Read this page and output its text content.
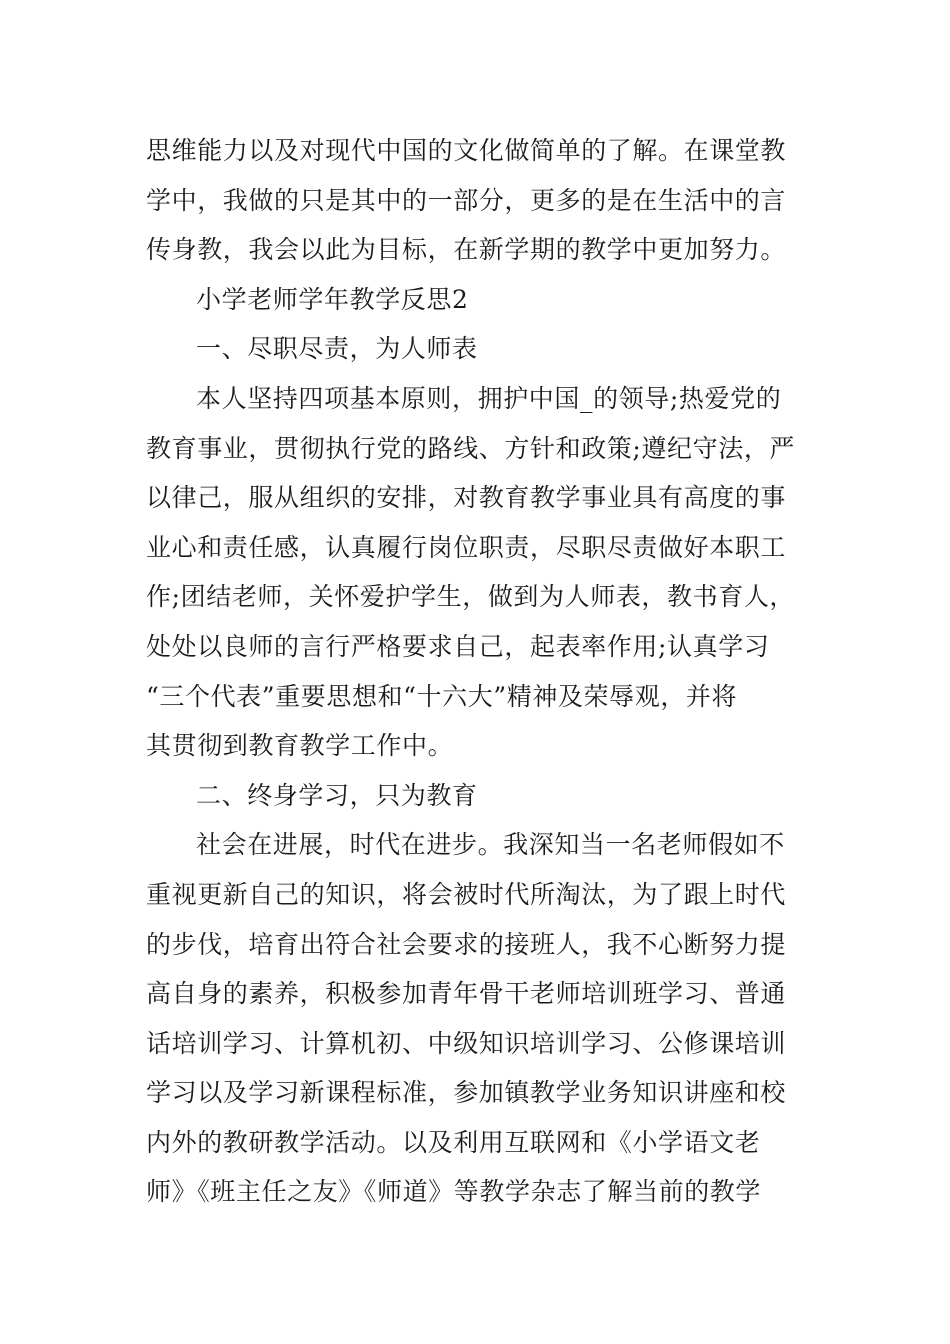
思维能力以及对现代中国的文化做简单的了解。在课堂教

学中，我做的只是其中的一部分，更多的是在生活中的言

传身教，我会以此为目标，在新学期的教学中更加努力。

小学老师学年教学反思2

一、尽职尽责，为人师表

本人坚持四项基本原则，拥护中国_的领导;热爱党的

教育事业，贯彻执行党的路线、方针和政策;遵纪守法，严

以律己，服从组织的安排，对教育教学事业具有高度的事

业心和责任感，认真履行岗位职责，尽职尽责做好本职工

作;团结老师，关怀爱护学生，做到为人师表，教书育人，

处处以良师的言行严格要求自己，起表率作用;认真学习

“三个代表”重要思想和“十六大”精神及荣辱观，并将

其贯彻到教育教学工作中。

二、终身学习，只为教育

社会在进展，时代在进步。我深知当一名老师假如不

重视更新自己的知识，将会被时代所淘汰，为了跟上时代

的步伐，培育出符合社会要求的接班人，我不心断努力提

高自身的素养，积极参加青年骨干老师培训班学习、普通

话培训学习、计算机初、中级知识培训学习、公修课培训

学习以及学习新课程标准，参加镇教学业务知识讲座和校

内外的教研教学活动。以及利用互联网和《小学语文老

师》《班主任之友》《师道》等教学杂志了解当前的教学
